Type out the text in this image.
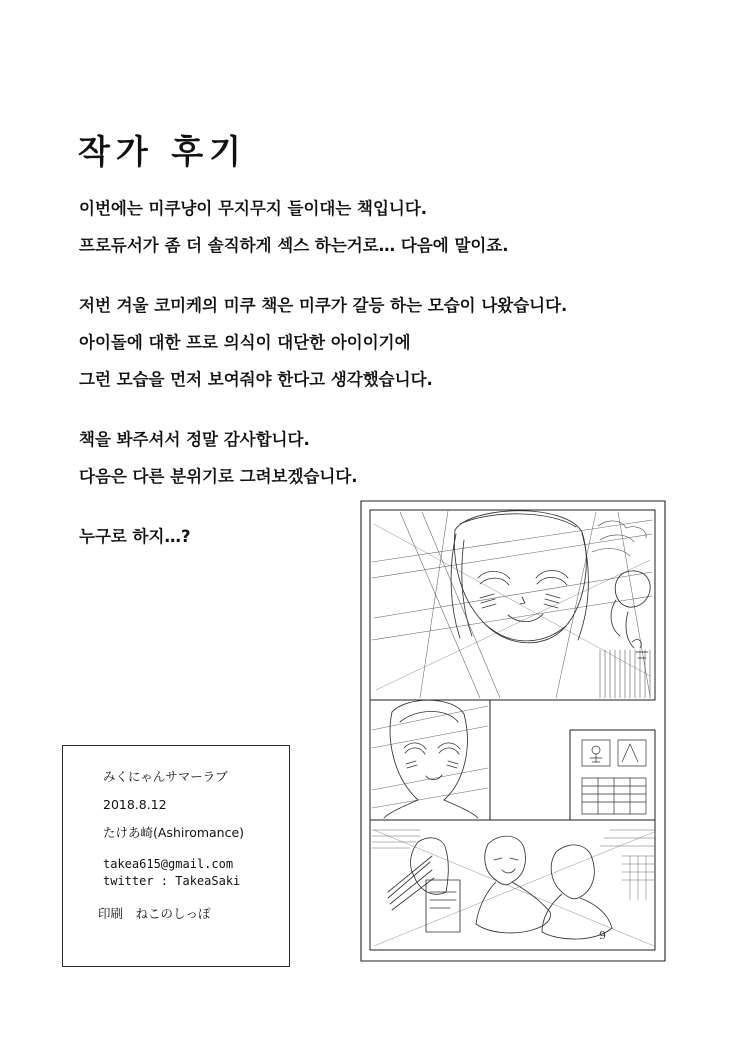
작가 후기

이번에는 미쿠냥이 무지무지 들이대는 책입니다.
프로듀서가 좀 더 솔직하게 섹스 하는거로… 다음에 말이죠.

저번 겨울 코미케의 미쿠 책은 미쿠가 갈등 하는 모습이 나왔습니다.
아이돌에 대한 프로 의식이 대단한 아이이기에
그런 모습을 먼저 보여줘야 한다고 생각했습니다.

책을 봐주셔서 정말 감사합니다.
다음은 다른 분위기로 그려보겠습니다.

누구로 하지…?

みくにゃんサマーラブ
2018.8.12
たけあ崎(Ashiromance)
takea615@gmail.com
twitter : TakeaSaki
印刷　ねこのしっぽ
9
